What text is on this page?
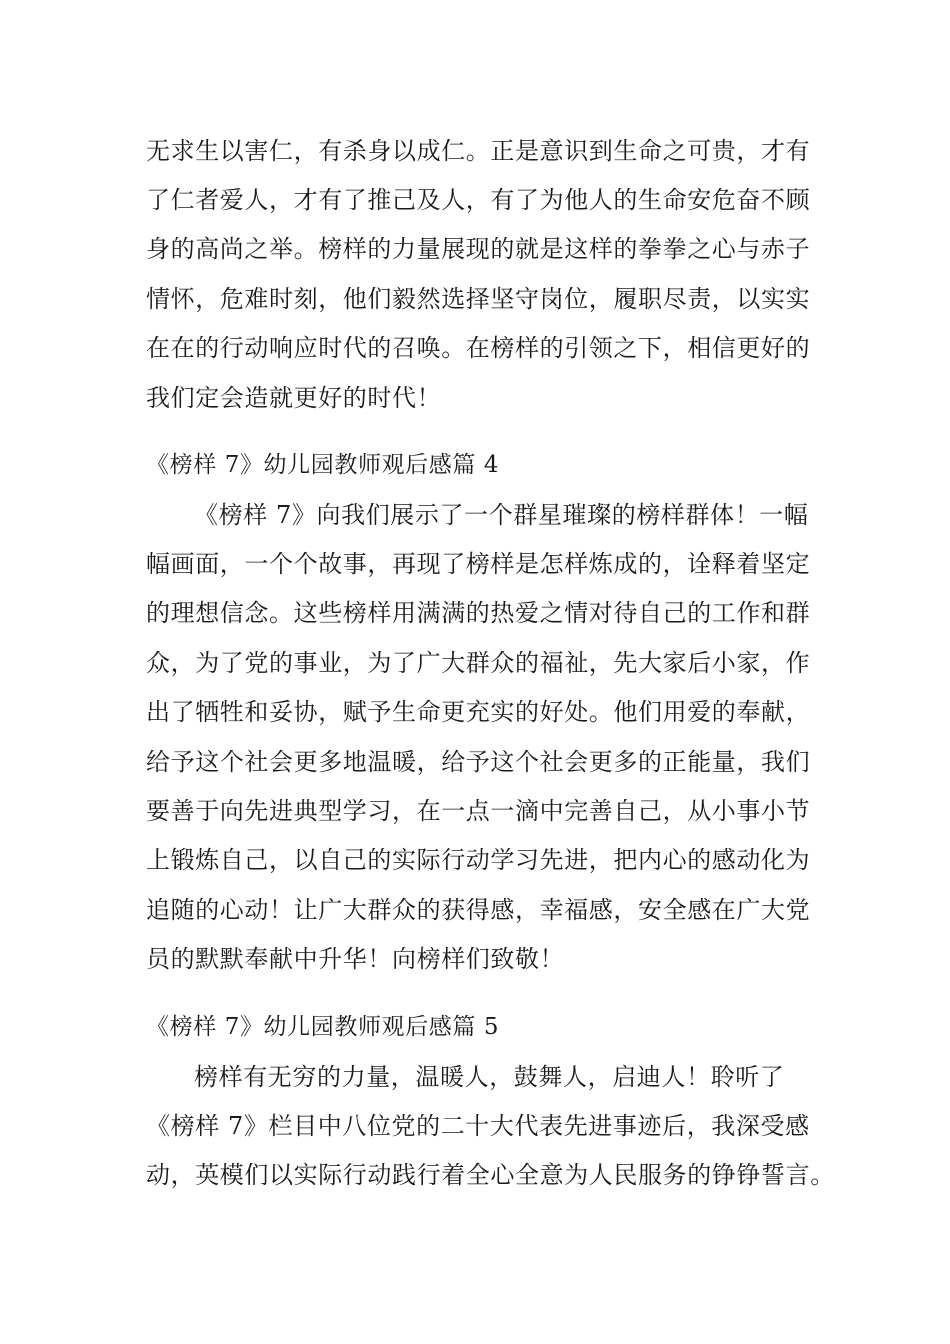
无求生以害仁，有杀身以成仁。正是意识到生命之可贵，才有
了仁者爱人，才有了推己及人，有了为他人的生命安危奋不顾
身的高尚之举。榜样的力量展现的就是这样的拳拳之心与赤子
情怀，危难时刻，他们毅然选择坚守岗位，履职尽责，以实实
在在的行动响应时代的召唤。在榜样的引领之下，相信更好的
我们定会造就更好的时代！
《榜样 7》幼儿园教师观后感篇 4
《榜样 7》向我们展示了一个群星璀璨的榜样群体！一幅
幅画面，一个个故事，再现了榜样是怎样炼成的，诠释着坚定
的理想信念。这些榜样用满满的热爱之情对待自己的工作和群
众，为了党的事业，为了广大群众的福祉，先大家后小家，作
出了牺牲和妥协，赋予生命更充实的好处。他们用爱的奉献，
给予这个社会更多地温暖，给予这个社会更多的正能量，我们
要善于向先进典型学习，在一点一滴中完善自己，从小事小节
上锻炼自己，以自己的实际行动学习先进，把内心的感动化为
追随的心动！让广大群众的获得感，幸福感，安全感在广大党
员的默默奉献中升华！向榜样们致敬！
《榜样 7》幼儿园教师观后感篇 5
榜样有无穷的力量，温暖人，鼓舞人，启迪人！聆听了
《榜样 7》栏目中八位党的二十大代表先进事迹后，我深受感
动，英模们以实际行动践行着全心全意为人民服务的铮铮誓言。
